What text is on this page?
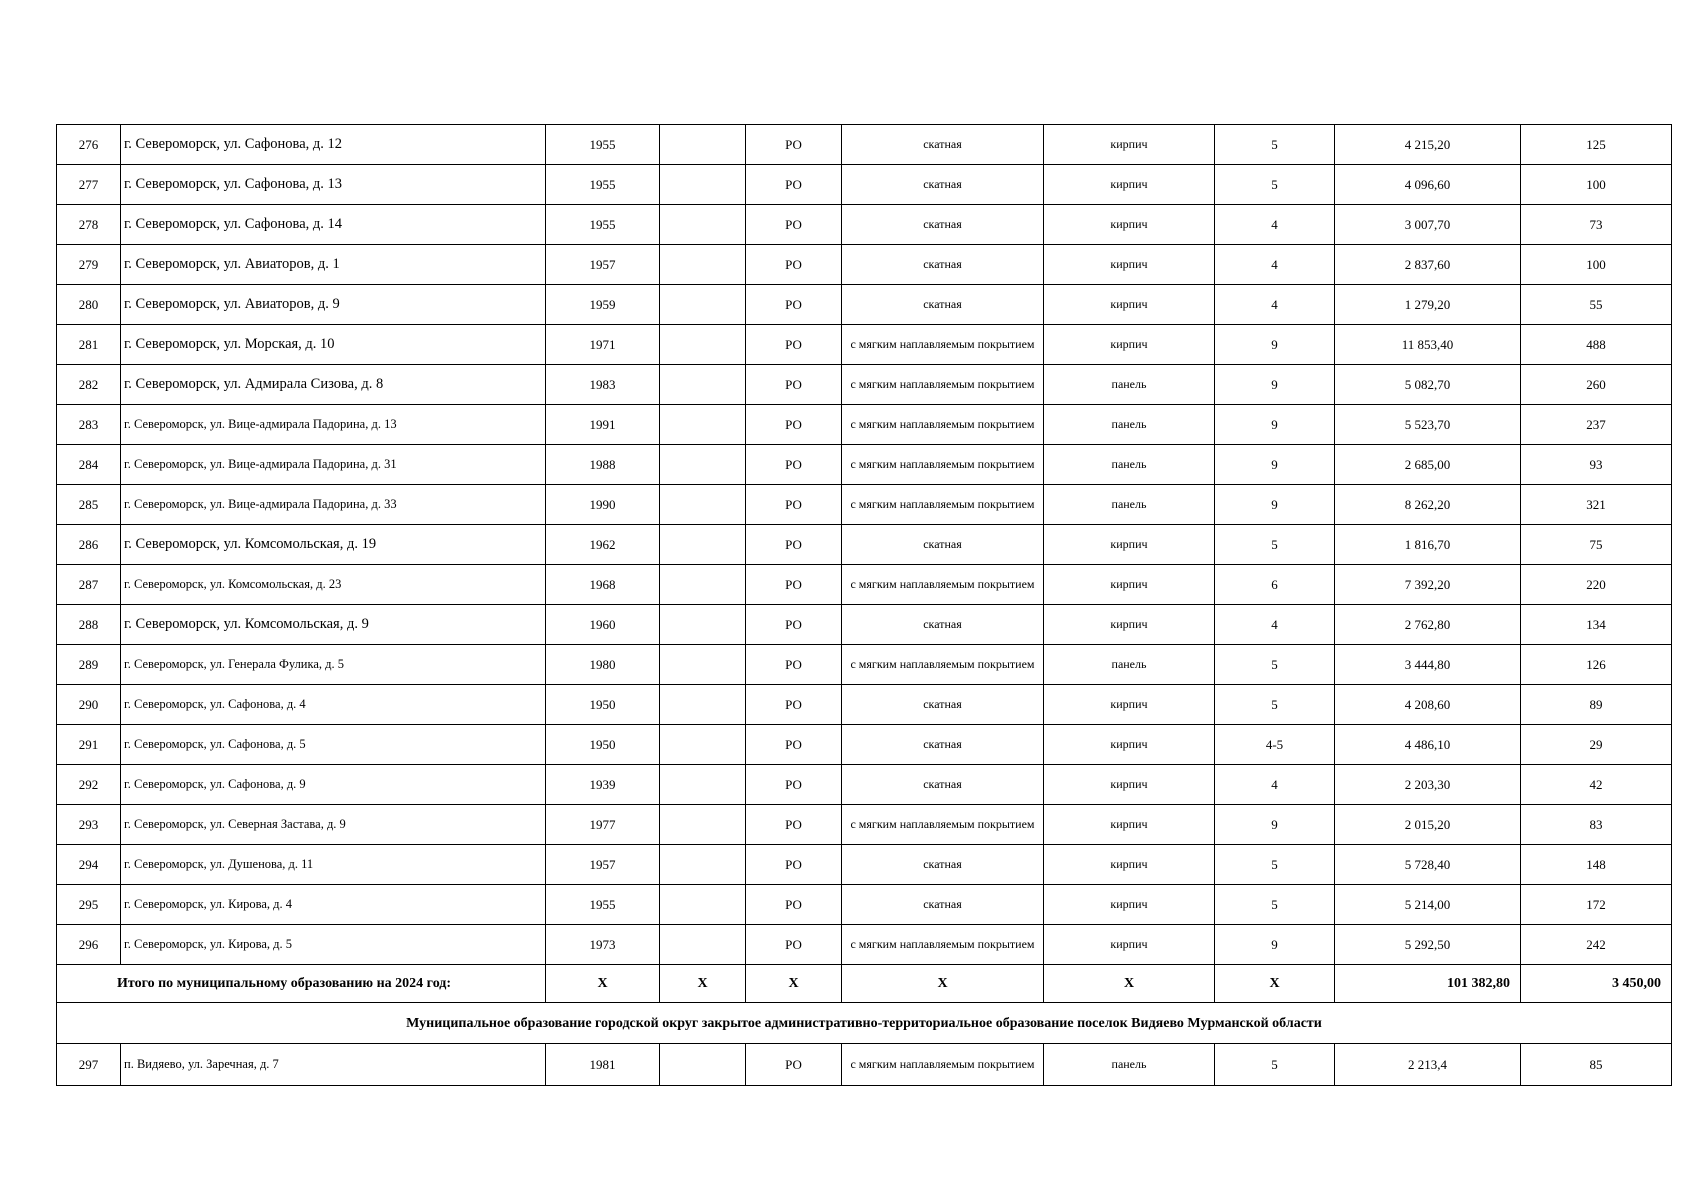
276	г. Североморск, ул. Сафонова, д. 12	1955		РО	скатная	кирпич	5	4 215,20	125
277	г. Североморск, ул. Сафонова, д. 13	1955		РО	скатная	кирпич	5	4 096,60	100
278	г. Североморск, ул. Сафонова, д. 14	1955		РО	скатная	кирпич	4	3 007,70	73
279	г. Североморск, ул. Авиаторов, д. 1	1957		РО	скатная	кирпич	4	2 837,60	100
280	г. Североморск, ул. Авиаторов, д. 9	1959		РО	скатная	кирпич	4	1 279,20	55
281	г. Североморск, ул. Морская, д. 10	1971		РО	с мягким наплавляемым покрытием	кирпич	9	11 853,40	488
282	г. Североморск, ул. Адмирала Сизова, д. 8	1983		РО	с мягким наплавляемым покрытием	панель	9	5 082,70	260
283	г. Североморск, ул. Вице-адмирала Падорина, д. 13	1991		РО	с мягким наплавляемым покрытием	панель	9	5 523,70	237
284	г. Североморск, ул. Вице-адмирала Падорина, д. 31	1988		РО	с мягким наплавляемым покрытием	панель	9	2 685,00	93
285	г. Североморск, ул. Вице-адмирала Падорина, д. 33	1990		РО	с мягким наплавляемым покрытием	панель	9	8 262,20	321
286	г. Североморск, ул. Комсомольская, д. 19	1962		РО	скатная	кирпич	5	1 816,70	75
287	г. Североморск, ул. Комсомольская, д. 23	1968		РО	с мягким наплавляемым покрытием	кирпич	6	7 392,20	220
288	г. Североморск, ул. Комсомольская, д. 9	1960		РО	скатная	кирпич	4	2 762,80	134
289	г. Североморск, ул. Генерала Фулика, д. 5	1980		РО	с мягким наплавляемым покрытием	панель	5	3 444,80	126
290	г. Североморск, ул. Сафонова, д. 4	1950		РО	скатная	кирпич	5	4 208,60	89
291	г. Североморск, ул. Сафонова, д. 5	1950		РО	скатная	кирпич	4-5	4 486,10	29
292	г. Североморск, ул. Сафонова, д. 9	1939		РО	скатная	кирпич	4	2 203,30	42
293	г. Североморск, ул. Северная Застава, д. 9	1977		РО	с мягким наплавляемым покрытием	кирпич	9	2 015,20	83
294	г. Североморск, ул. Душенова, д. 11	1957		РО	скатная	кирпич	5	5 728,40	148
295	г. Североморск, ул. Кирова, д. 4	1955		РО	скатная	кирпич	5	5 214,00	172
296	г. Североморск, ул. Кирова, д. 5	1973		РО	с мягким наплавляемым покрытием	кирпич	9	5 292,50	242
Итого по муниципальному образованию на 2024 год:		X	X	X	X	X	X	101 382,80	3 450,00
Муниципальное образование городской округ закрытое административно-территориальное образование поселок Видяево Мурманской области									
297	п. Видяево, ул. Заречная, д. 7	1981		РО	с мягким наплавляемым покрытием	панель	5	2 213,4	85
